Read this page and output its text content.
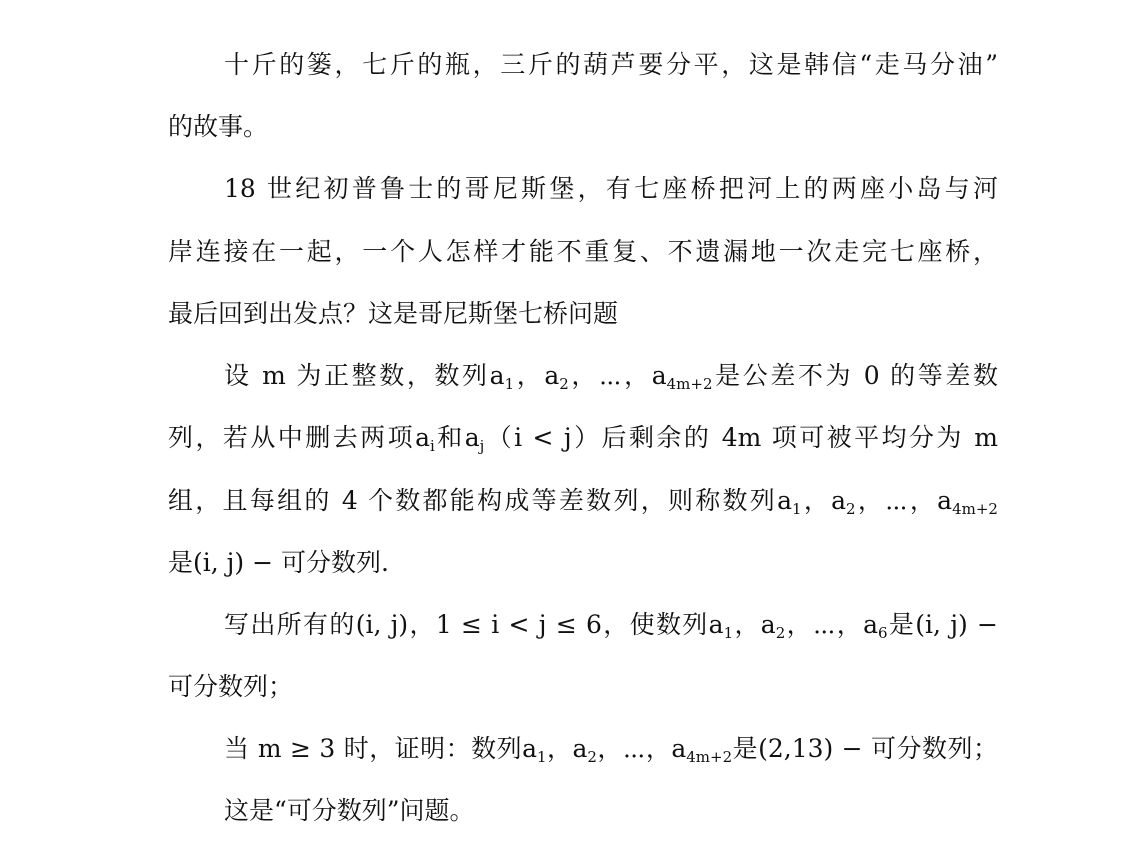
十斤的篓，七斤的瓶，三斤的葫芦要分平，这是韩信“走马分油”
的故事。
18 世纪初普鲁士的哥尼斯堡，有七座桥把河上的两座小岛与河
岸连接在一起，一个人怎样才能不重复、不遗漏地一次走完七座桥，
最后回到出发点？这是哥尼斯堡七桥问题
设 m 为正整数，数列$a_1$，$a_2$，⋯，$a_{4m+2}$是公差不为 0 的等差数
列，若从中删去两项$a_i$和$a_j(i < j)$后剩余的 4m 项可被平均分为 m
组，且每组的 4 个数都能构成等差数列，则称数列$a_1$，$a_2$，⋯，$a_{4m+2}$
是(i, j) − 可分数列.
写出所有的(i, j)，1 ≤ i < j ≤ 6，使数列$a_1$，$a_2$，⋯，$a_6$是(i, j) −
可分数列；
当 m ≥ 3 时，证明：数列$a_1$，$a_2$，⋯，$a_{4m+2}$是(2,13) − 可分数列；
这是“可分数列”问题。
